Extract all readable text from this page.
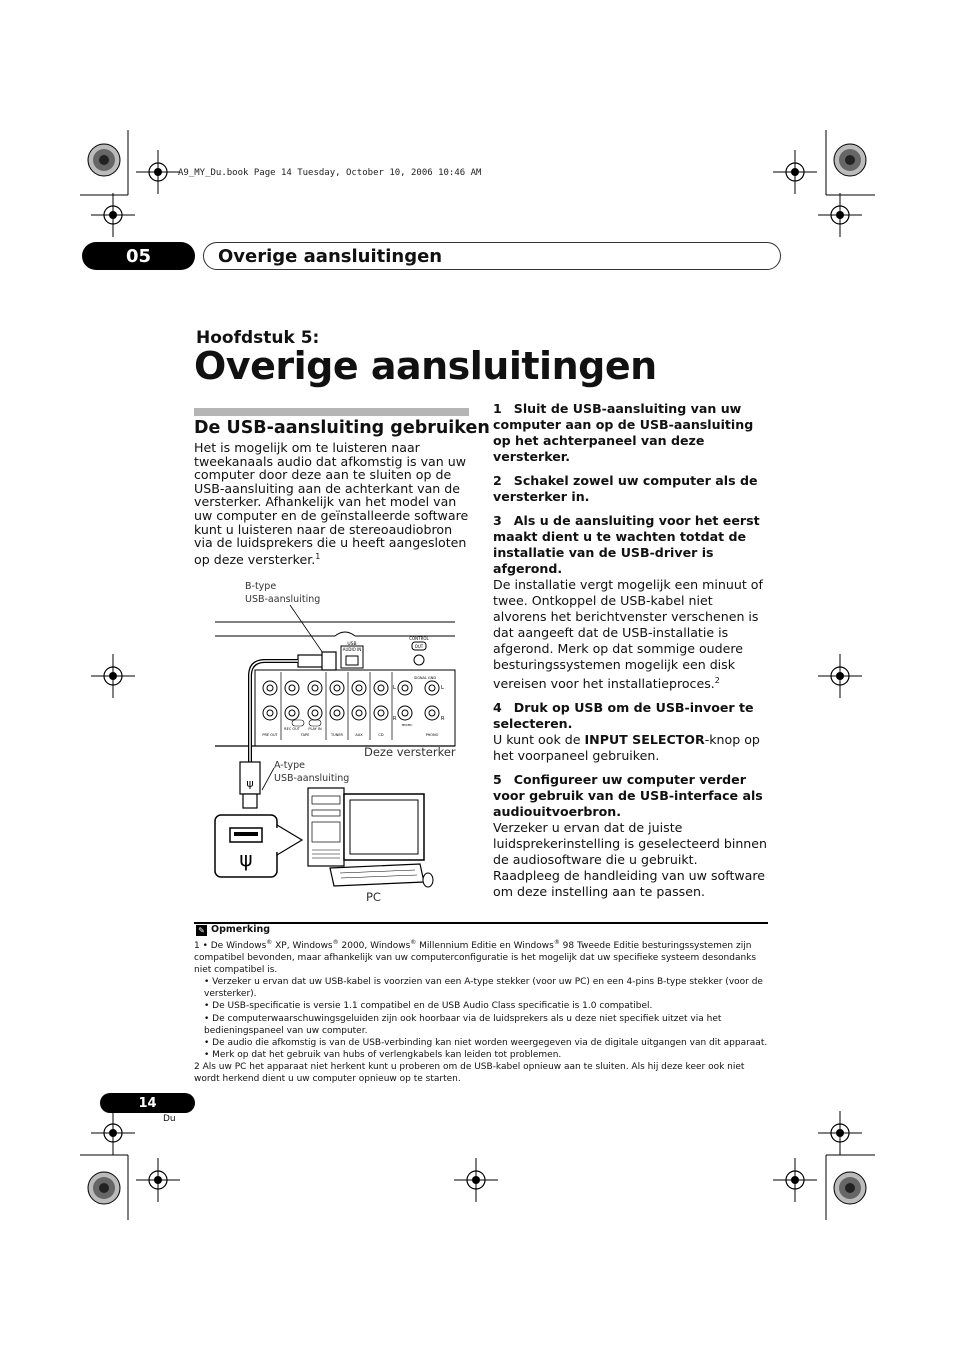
A9_MY_Du.book Page 14 Tuesday, October 10, 2006 10:46 AM
05	Overige aansluitingen
Hoofdstuk 5:
Overige aansluitingen
De USB-aansluiting gebruiken
Het is mogelijk om te luisteren naar tweekanaals audio dat afkomstig is van uw computer door deze aan te sluiten op de USB-aansluiting aan de achterkant van de versterker. Afhankelijk van het model van uw computer en de geïnstalleerde software kunt u luisteren naar de stereoaudiobron via de luidsprekers die u heeft aangesloten op deze versterker.$^1$
B-type
USB-aansluiting
Deze versterker
A-type
USB-aansluiting
PC
USB
AUDIO IN
CONTROL
OUT
L	L
R	R
SIGNAL GND
REC OUT PLAY IN
PRE OUT	TAPE	TUNER	AUX	CD	PHONO
MM/MC
ψ
ψ
1 Sluit de USB-aansluiting van uw computer aan op de USB-aansluiting op het achterpaneel van deze versterker.
2 Schakel zowel uw computer als de versterker in.
3 Als u de aansluiting voor het eerst maakt dient u te wachten totdat de installatie van de USB-driver is afgerond.
De installatie vergt mogelijk een minuut of twee. Ontkoppel de USB-kabel niet alvorens het berichtvenster verschenen is dat aangeeft dat de USB-installatie is afgerond. Merk op dat sommige oudere besturingssystemen mogelijk een disk vereisen voor het installatieproces.$^2$
4 Druk op USB om de USB-invoer te selecteren.
U kunt ook de INPUT SELECTOR-knop op het voorpaneel gebruiken.
5 Configureer uw computer verder voor gebruik van de USB-interface als audiouitvoerbron.
Verzeker u ervan dat de juiste luidsprekerinstelling is geselecteerd binnen de audiosoftware die u gebruikt. Raadpleeg de handleiding van uw software om deze instelling aan te passen.
✎ Opmerking

1 • De Windows® XP, Windows® 2000, Windows® Millennium Editie en Windows® 98 Tweede Editie besturingssystemen zijn compatibel bevonden, maar afhankelijk van uw computerconfiguratie is het mogelijk dat uw specifieke systeem desondanks niet compatibel is.

• Verzeker u ervan dat uw USB-kabel is voorzien van een A-type stekker (voor uw PC) en een 4-pins B-type stekker (voor de versterker).

• De USB-specificatie is versie 1.1 compatibel en de USB Audio Class specificatie is 1.0 compatibel.

• De computerwaarschuwingsgeluiden zijn ook hoorbaar via de luidsprekers als u deze niet specifiek uitzet via het bedieningspaneel van uw computer.

• De audio die afkomstig is van de USB-verbinding kan niet worden weergegeven via de digitale uitgangen van dit apparaat.

• Merk op dat het gebruik van hubs of verlengkabels kan leiden tot problemen.

2 Als uw PC het apparaat niet herkent kunt u proberen om de USB-kabel opnieuw aan te sluiten. Als hij deze keer ook niet wordt herkend dient u uw computer opnieuw op te starten.

14
Du
